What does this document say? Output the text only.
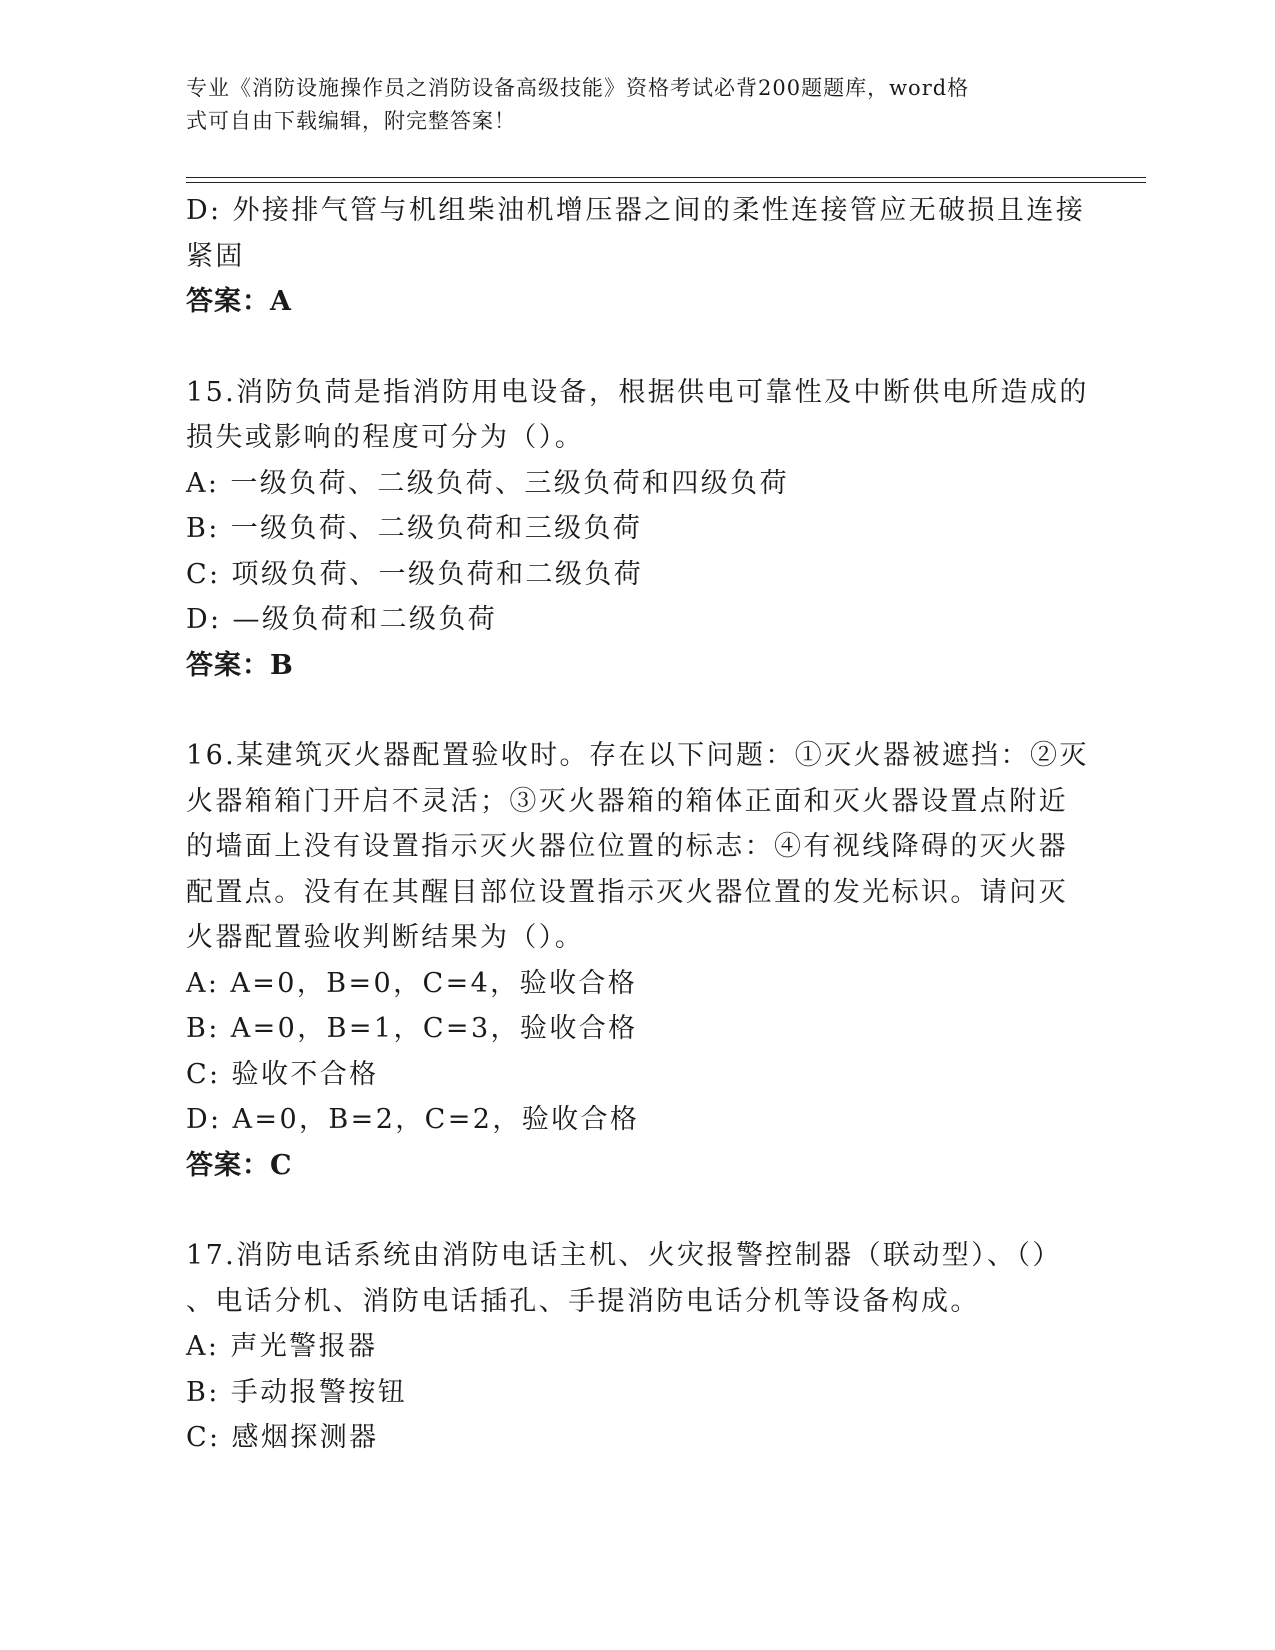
专业《消防设施操作员之消防设备高级技能》资格考试必背200题题库，word格
式可自由下载编辑，附完整答案！
D: 外接排气管与机组柴油机增压器之间的柔性连接管应无破损且连接
紧固
答案：A
15.消防负苘是指消防用电设备，根据供电可靠性及中断供电所造成的
损失或影响的程度可分为（）。
A: 一级负荷、二级负荷、三级负荷和四级负荷
B: 一级负荷、二级负荷和三级负荷
C: 项级负荷、一级负荷和二级负荷
D: —级负荷和二级负荷
答案：B
16.某建筑灭火器配置验收时。存在以下问题：①灭火器被遮挡：②灭
火器箱箱门开启不灵活；③灭火器箱的箱体正面和灭火器设置点附近
的墙面上没有设置指示灭火器位位置的标志：④有视线降碍的灭火器
配置点。没有在其醒目部位设置指示灭火器位置的发光标识。请问灭
火器配置验收判断结果为（）。
A: A=0，B=0，C=4，验收合格
B: A=0，B=1，C=3，验收合格
C: 验收不合格
D: A=0，B=2，C=2，验收合格
答案：C
17.消防电话系统由消防电话主机、火灾报警控制器（联动型）、（）
、电话分机、消防电话插孔、手提消防电话分机等设备构成。
A: 声光警报器
B: 手动报警按钮
C: 感烟探测器
